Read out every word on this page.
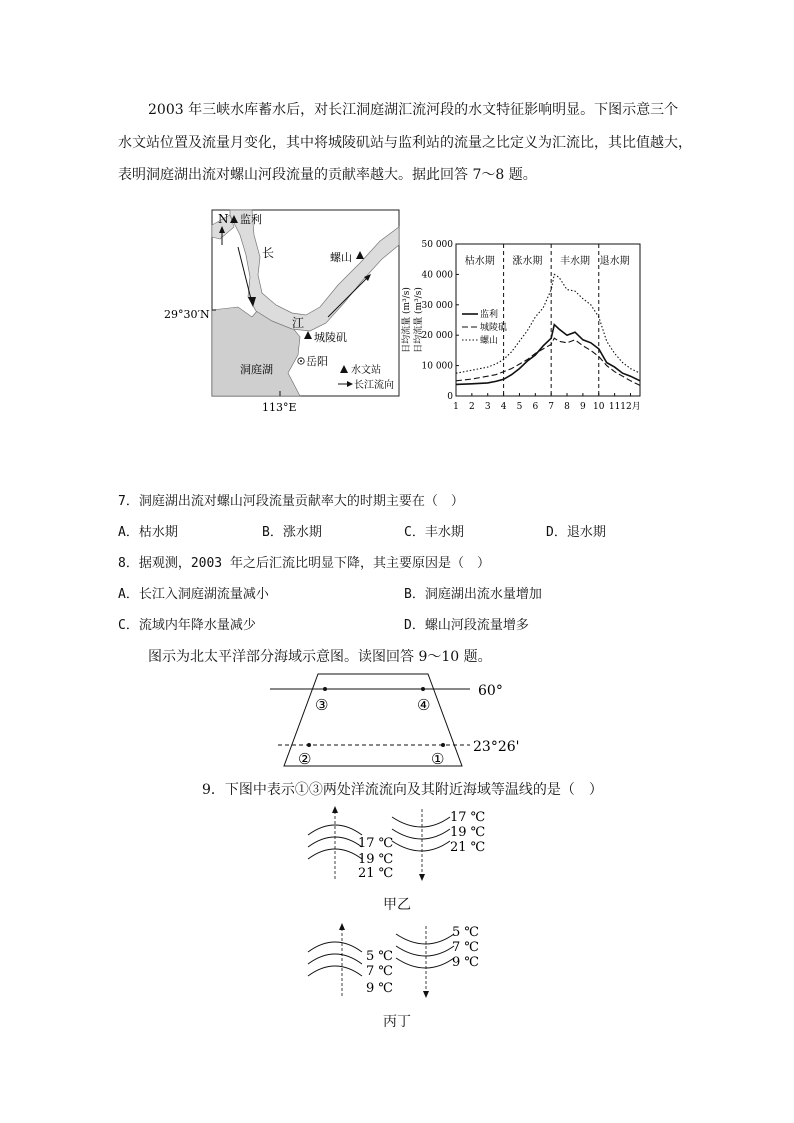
2003 年三峡水库蓄水后，对长江洞庭湖汇流河段的水文特征影响明显。下图示意三个
水文站位置及流量月变化，其中将城陵矶站与监利站的流量之比定义为汇流比，其比值越大，
表明洞庭湖出流对螺山河段流量的贡献率越大。据此回答 7～8 题。
N 监利
长	螺山
江
城陵矶
岳阳
洞庭湖	水文站
长江流向
29°30′N
113°E
0
10 000
20 000
30 000
40 000
50 000
1 2 3 4 5 6 7 8 9 10 11 12月
枯水期 涨水期 丰水期 退水期
日均流量 (m³/s) 日均流量 (m³/s)	监利
城陵矶
螺山
7．洞庭湖出流对螺山河段流量贡献率大的时期主要在（　）
A．枯水期	B．涨水期	C．丰水期	D．退水期
8．据观测，2003 年之后汇流比明显下降，其主要原因是（　）
A．长江入洞庭湖流量减小	B．洞庭湖出流水量增加
C．流域内年降水量减少	D．螺山河段流量增多
图示为北太平洋部分海域示意图。读图回答 9～10 题。
60°
23°26'
③	④
②	①
9．下图中表示①③两处洋流流向及其附近海域等温线的是（　）
17 ℃
19 ℃
21 ℃
17 ℃
19 ℃
21 ℃
甲乙
5 ℃
7 ℃
9 ℃
5 ℃
7 ℃
9 ℃
丙丁
